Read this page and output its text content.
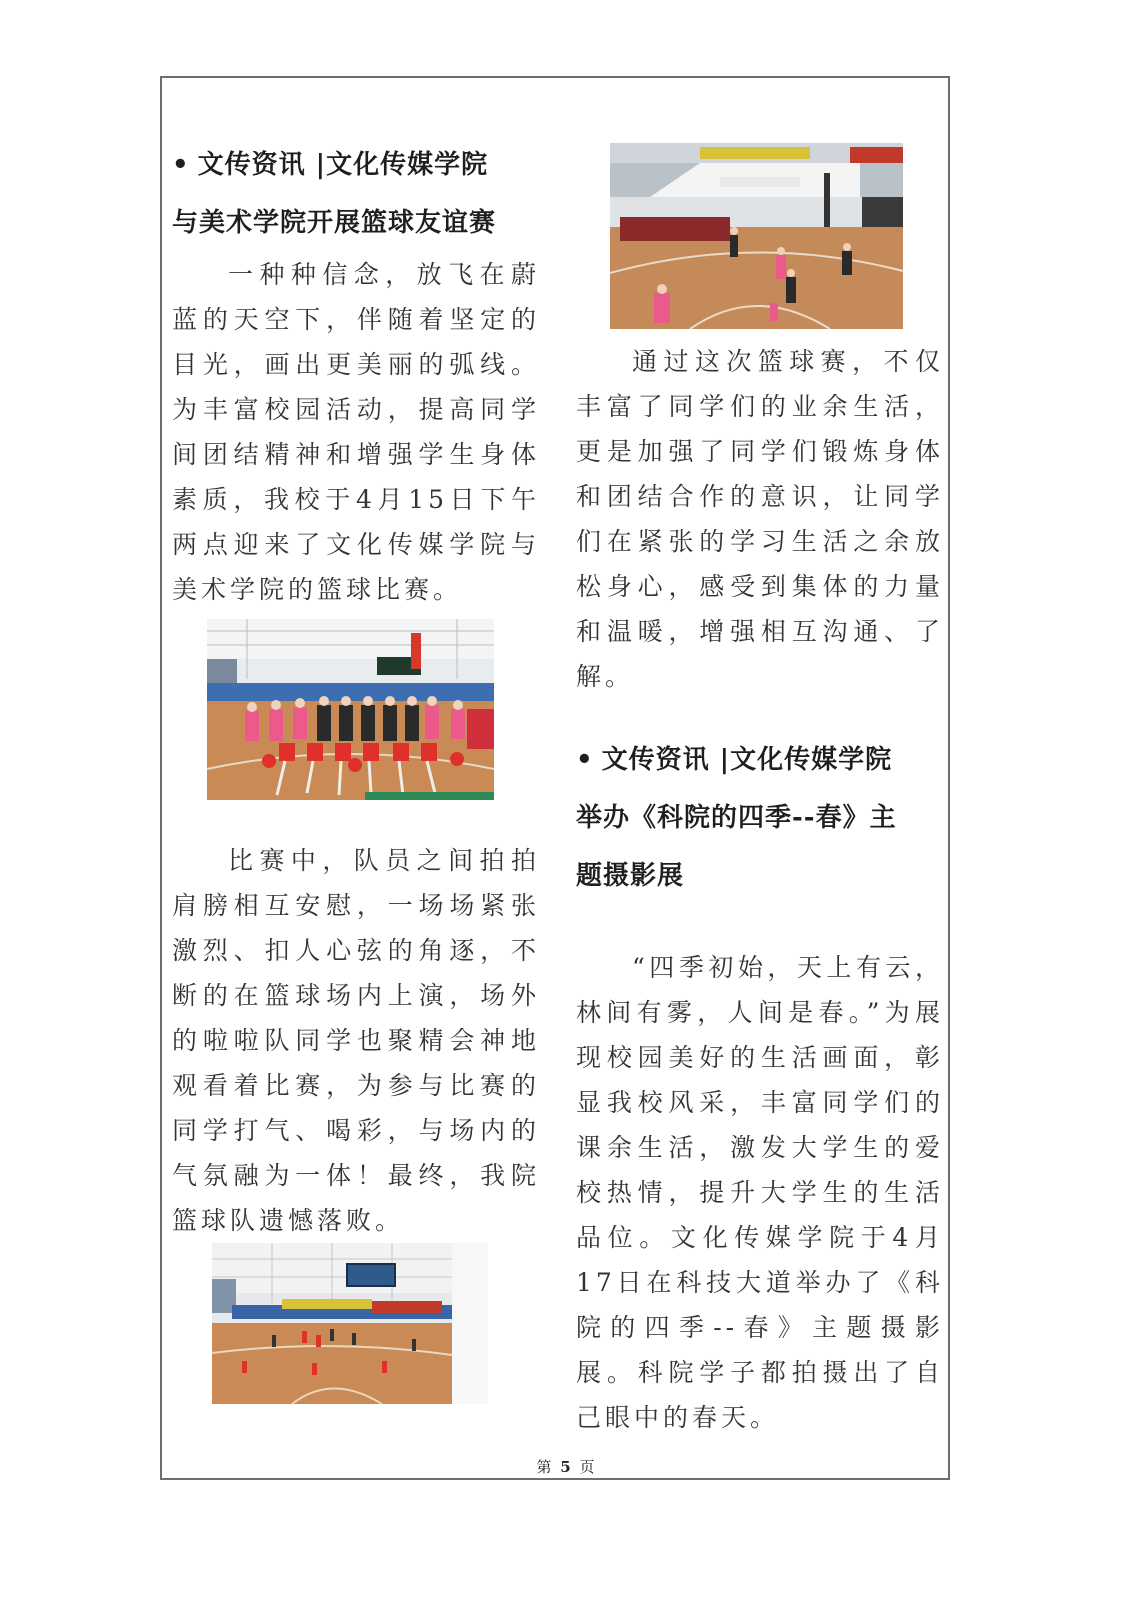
• 文传资讯 |文化传媒学院

与美术学院开展篮球友谊赛

一种种信念，放飞在蔚蓝的天空下，伴随着坚定的目光，画出更美丽的弧线。为丰富校园活动，提高同学间团结精神和增强学生身体素质，我校于4月15日下午两点迎来了文化传媒学院与美术学院的篮球比赛。

比赛中，队员之间拍拍肩膀相互安慰，一场场紧张激烈、扣人心弦的角逐，不断的在篮球场内上演，场外的啦啦队同学也聚精会神地观看着比赛，为参与比赛的同学打气、喝彩，与场内的气氛融为一体！最终，我院篮球队遗憾落败。

通过这次篮球赛，不仅丰富了同学们的业余生活，更是加强了同学们锻炼身体和团结合作的意识，让同学们在紧张的学习生活之余放松身心，感受到集体的力量和温暖，增强相互沟通、了解。

• 文传资讯 |文化传媒学院

举办《科院的四季--春》主

题摄影展

“四季初始，天上有云，林间有雾，人间是春。”为展现校园美好的生活画面，彰显我校风采，丰富同学们的课余生活，激发大学生的爱校热情，提升大学生的生活品位。文化传媒学院于4月17日在科技大道举办了《科院的四季--春》主题摄影展。科院学子都拍摄出了自己眼中的春天。

第 5 页
